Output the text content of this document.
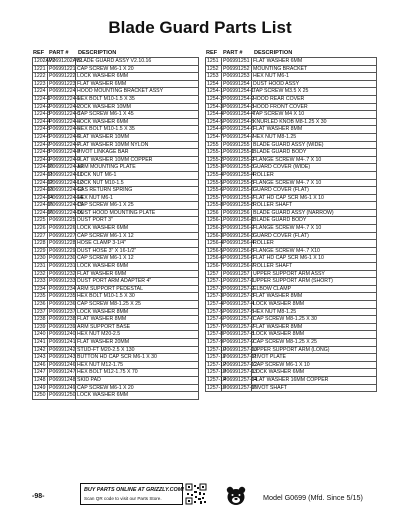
Blade Guard Parts List
REF PART #	DESCRIPTION
1202AV2	P0691202AV2	BLADE GUARD ASSY V2.10.16
1221	P06991221	CAP SCREW M6-1 X 20
1222	P06991222	LOCK WASHER 6MM
1223	P06991223	FLAT WASHER 6MM
1224	P06991224	HOOD MOUNTING BRACKET ASSY
1224-1	P06991224-1	HEX BOLT M10-1.5 X 35
1224-2	P06991224-2	LOCK WASHER 10MM
1224-3	P06991224-3	CAP SCREW M6-1 X 45
1224-4	P06991224-4	LOCK WASHER 6MM
1224-5	P06991224-5	HEX BOLT M10-1.5 X 35
1224-6	P06991224-6	FLAT WASHER 10MM
1224-7	P06991224-7	FLAT WASHER 10MM NYLON
1224-8	P06991224-8	PIVOT LINKAGE BAR
1224-9	P06991224-9	FLAT WASHER 10MM COPPER
1224-10	P06991224-10	ARM MOUNTING PLATE
1224-11	P06991224-11	LOCK NUT M6-1
1224-12	P06991224-12	LOCK NUT M10-1.5
1224-13	P06991224-13	GAS RETURN SPRING
1224-14	P06991224-14	HEX NUT M6-1
1224-15	P06991224-15	CAP SCREW M6-1 X 25
1224-16	P06991224-16	DUST HOOD MOUNTING PLATE
1225	P06991225	DUST PORT 3"
1226	P06991226	LOCK WASHER 6MM
1227	P06991227	CAP SCREW M6-1 X 12
1228	P06991228	HOSE CLAMP 3-1/4"
1229	P06991229	DUST HOSE 3" X 16-1/2"
1230	P06991230	CAP SCREW M6-1 X 12
1231	P06991231	LOCK WASHER 6MM
1232	P06991232	FLAT WASHER 6MM
1233	P06991233	DUST PORT ARM ADAPTER 4"
1234	P06991234	ARM SUPPORT PEDESTAL
1235	P06991235	HEX BOLT M10-1.5 X 30
1236	P06991236	CAP SCREW M8-1.25 X 25
1237	P06991237	LOCK WASHER 8MM
1238	P06991238	FLAT WASHER 8MM
1239	P06991239	ARM SUPPORT BASE
1240	P06991240	HEX NUT M20-2.5
1241	P06991241	FLAT WASHER 20MM
1242	P06991242	STUD-FT M20-2.5 X 130
1243	P06991243	BUTTON HD CAP SCR M6-1 X 30
1246	P06991246	HEX NUT M12-1.75
1247	P06991247	HEX BOLT M12-1.75 X 70
1248	P06991248	SKID PAD
1249	P06991249	CAP SCREW M6-1 X 20
1250	P06991250	LOCK WASHER 6MM
REF	PART #	DESCRIPTION
1251	P06991251	FLAT WASHER 6MM
1252	P06991252	MOUNTING BRACKET
1253	P06991253	HEX NUT M6-1
1254	P06991254	DUST HOOD ASSY
1254-1	P06991254-1	TAP SCREW M3.5 X 25
1254-2	P06991254-2	HOOD REAR COVER
1254-3	P06991254-3	HOOD FRONT COVER
1254-4	P06991254-4	TAP SCREW M4 X 10
1254-5	P06991254-5	KNURLED KNOB M8-1.25 X 30
1254-6	P06991254-6	FLAT WASHER 8MM
1254-7	P06991254-7	HEX NUT M8-1.25
1255	P06991255	BLADE GUARD ASSY (WIDE)
1255-1	P06991255-1	BLADE GUARD BODY
1255-2	P06991255-2	FLANGE SCREW M4-.7 X 10
1255-3	P06991255-3	GUARD COVER (WIDE)
1255-4	P06991255-4	ROLLER
1255-5	P06991255-5	FLANGE SCREW M4-.7 X 10
1255-6	P06991255-6	GUARD COVER (FLAT)
1255-7	P06991255-7	FLAT HD CAP SCR M6-1 X 10
1255-8	P06991255-8	ROLLER SHAFT
1256	P06991256	BLADE GUARD ASSY (NARROW)
1256-1	P06991256-1	BLADE GUARD BODY
1256-2	P06991256-2	FLANGE SCREW M4-.7 X 10
1256-3	P06991256-3	GUARD COVER (FLAT)
1256-4	P06991256-4	ROLLER
1256-5	P06991256-5	FLANGE SCREW M4-.7 X10
1256-6	P06991256-6	FLAT HD CAP SCR M6-1 X 10
1256-7	P06991256-7	ROLLER SHAFT
1257	P06991257	UPPER SUPPORT ARM ASSY
1257-1	P06991257-1	UPPER SUPPORT ARM (SHORT)
1257-2	P06991257-2	ELBOW CLAMP
1257-3	P06991257-3	FLAT WASHER 8MM
1257-4	P06991257-4	LOCK WASHER 8MM
1257-5	P06991257-5	HEX NUT M8-1.25
1257-6	P06991257-6	CAP SCREW M8-1.25 X 30
1257-7	P06991257-7	FLAT WASHER 8MM
1257-8	P06991257-8	LOCK WASHER 8MM
1257-9	P06991257-9	CAP SCREW M8-1.25 X 25
1257-10	P06991257-10	UPPER SUPPORT ARM (LONG)
1257-11	P06991257-11	PIVOT PLATE
1257-12	P06991257-12	CAP SCREW M6-1 X 10
1257-13	P06991257-13	LOCK WASHER 6MM
1257-14	P06991257-14	FLAT WASHER 16MM COPPER
1257-15	P06991257-15	PIVOT SHAFT
-98-
BUY PARTS ONLINE AT GRIZZLY.COM!
Scan QR code to visit our Parts Store.	Model G0699 (Mfd. Since 5/15)
